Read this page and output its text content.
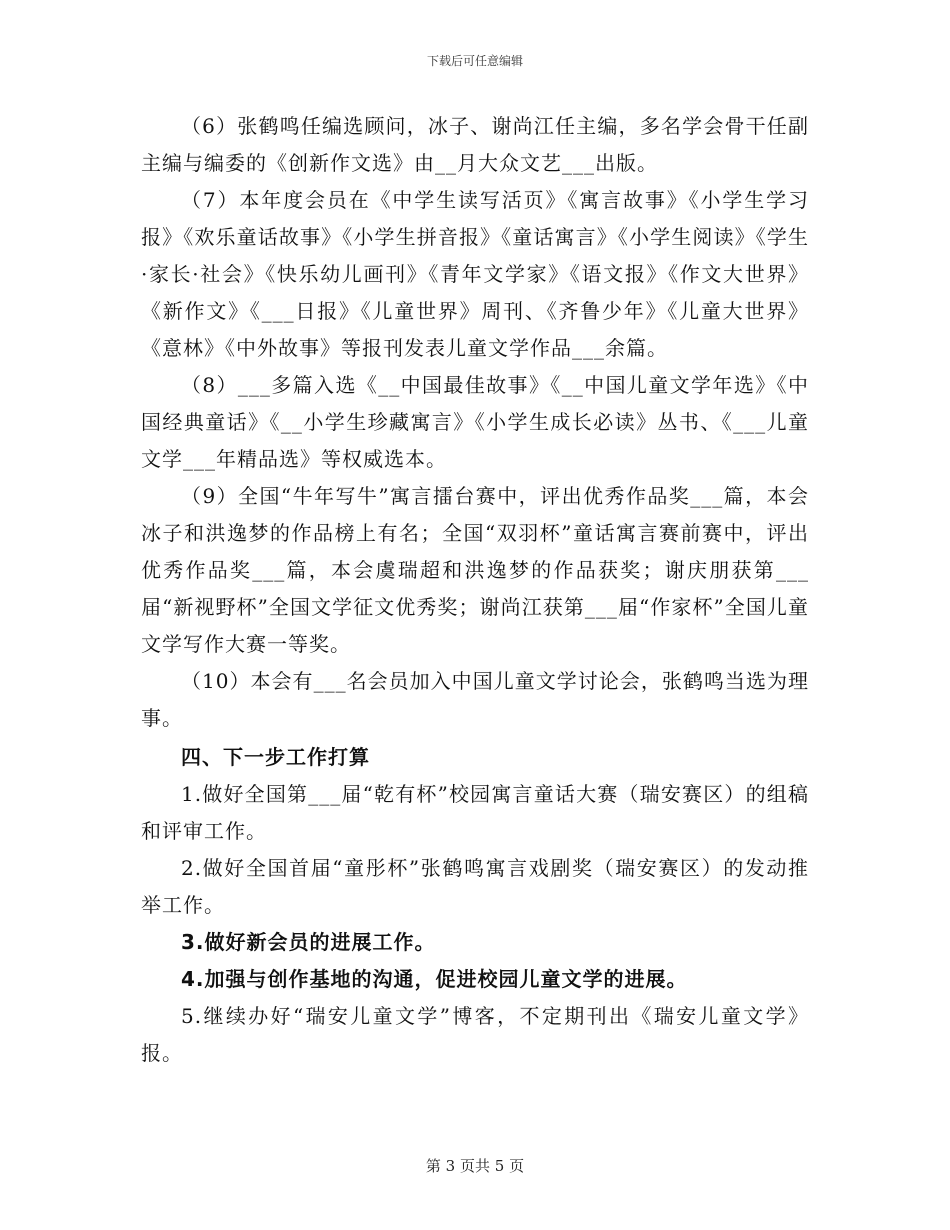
下载后可任意编辑

（6）张鹤鸣任编选顾问，冰子、谢尚江任主编，多名学会骨干任副主编与编委的《创新作文选》由__月大众文艺___出版。

（7）本年度会员在《中学生读写活页》《寓言故事》《小学生学习报》《欢乐童话故事》《小学生拼音报》《童话寓言》《小学生阅读》《学生·家长·社会》《快乐幼儿画刊》《青年文学家》《语文报》《作文大世界》《新作文》《___日报》《儿童世界》周刊、《齐鲁少年》《儿童大世界》《意林》《中外故事》等报刊发表儿童文学作品___余篇。

（8）___多篇入选《__中国最佳故事》《__中国儿童文学年选》《中国经典童话》《__小学生珍藏寓言》《小学生成长必读》丛书、《___儿童文学___年精品选》等权威选本。

（9）全国“牛年写牛”寓言擂台赛中，评出优秀作品奖___篇，本会冰子和洪逸梦的作品榜上有名；全国“双羽杯”童话寓言赛前赛中，评出优秀作品奖___篇，本会虞瑞超和洪逸梦的作品获奖；谢庆朋获第___届“新视野杯”全国文学征文优秀奖；谢尚江获第___届“作家杯”全国儿童文学写作大赛一等奖。

（10）本会有___名会员加入中国儿童文学讨论会，张鹤鸣当选为理事。

四、下一步工作打算

1.做好全国第___届“乾有杯”校园寓言童话大赛（瑞安赛区）的组稿和评审工作。

2.做好全国首届“童彤杯”张鹤鸣寓言戏剧奖（瑞安赛区）的发动推举工作。

3.做好新会员的进展工作。

4.加强与创作基地的沟通，促进校园儿童文学的进展。

5.继续办好“瑞安儿童文学”博客，不定期刊出《瑞安儿童文学》报。

第 3 页共 5 页
